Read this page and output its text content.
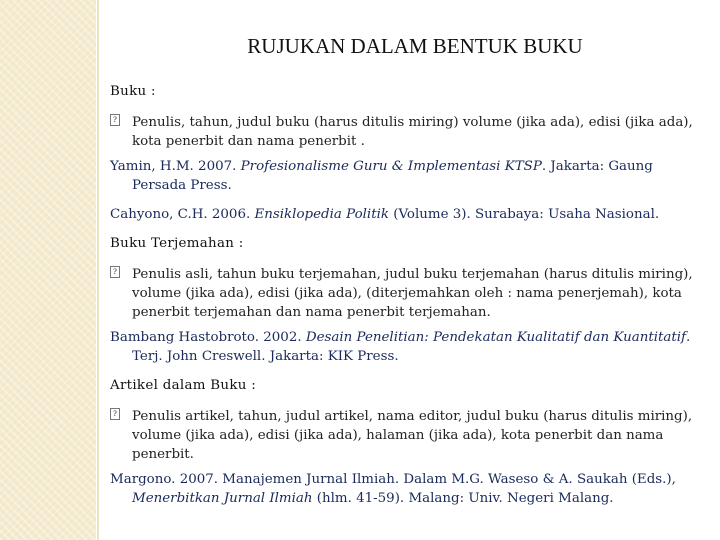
RUJUKAN DALAM BENTUK BUKU

Buku :

? Penulis, tahun, judul buku (harus ditulis miring) volume (jika ada), edisi (jika ada), kota penerbit dan nama penerbit .
Yamin, H.M. 2007. Profesionalisme Guru & Implementasi KTSP. Jakarta: Gaung Persada Press.
Cahyono, C.H. 2006. Ensiklopedia Politik (Volume 3). Surabaya: Usaha Nasional.

Buku Terjemahan :

? Penulis asli, tahun buku terjemahan, judul buku terjemahan (harus ditulis miring), volume (jika ada), edisi (jika ada), (diterjemahkan oleh : nama penerjemah), kota penerbit terjemahan dan nama penerbit terjemahan.
Bambang Hastobroto. 2002. Desain Penelitian: Pendekatan Kualitatif dan Kuantitatif. Terj. John Creswell. Jakarta: KIK Press.

Artikel dalam Buku :

? Penulis artikel, tahun, judul artikel, nama editor, judul buku (harus ditulis miring), volume (jika ada), edisi (jika ada), halaman (jika ada), kota penerbit dan nama penerbit.
Margono. 2007. Manajemen Jurnal Ilmiah. Dalam M.G. Waseso & A. Saukah (Eds.), Menerbitkan Jurnal Ilmiah (hlm. 41-59). Malang: Univ. Negeri Malang.
